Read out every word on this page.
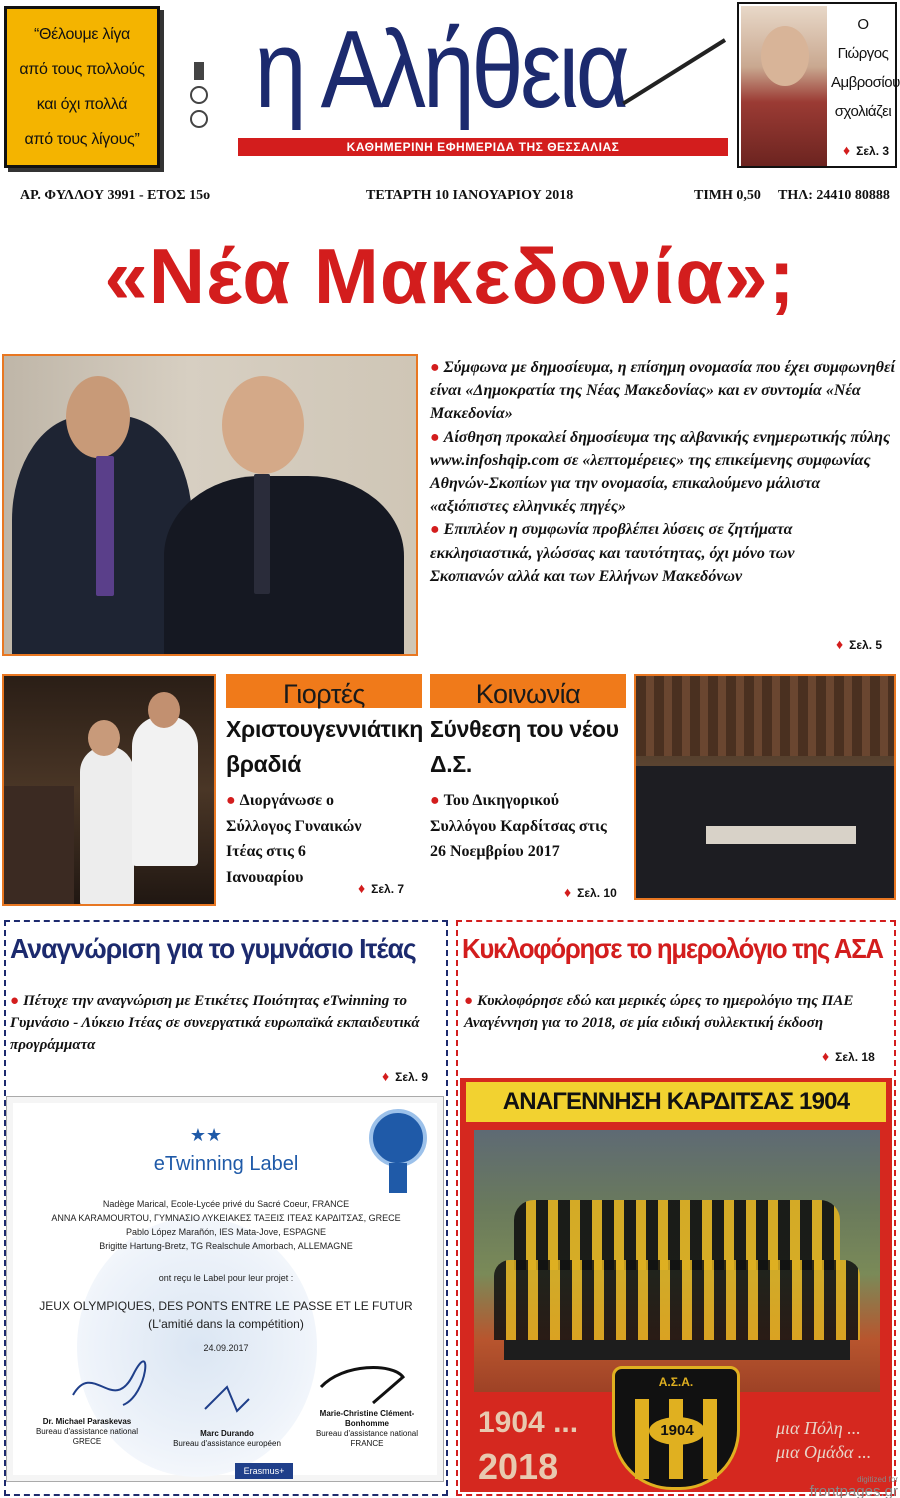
“Θέλουμε λίγα
από τους πολλούς
και όχι πολλά
από τους λίγους”
η Αλήθεια
ΚΑΘΗΜΕΡΙΝΗ ΕΦΗΜΕΡΙΔΑ ΤΗΣ ΘΕΣΣΑΛΙΑΣ
Ο Γιώργος
Αμβροσίου
σχολιάζει
♦ Σελ. 3
ΑΡ. ΦΥΛΛΟΥ 3991 - ΕΤΟΣ 15ο	ΤΕΤΑΡΤΗ 10 ΙΑΝΟΥΑΡΙΟΥ 2018	ΤΙΜΗ 0,50 ΤΗΛ: 24410 80888
«Νέα Μακεδονία»;

● Σύμφωνα με δημοσίευμα, η επίσημη ονομασία που έχει συμφωνηθεί είναι «Δημοκρατία της Νέας Μακεδονίας» και εν συντομία «Νέα Μακεδονία»

● Αίσθηση προκαλεί δημοσίευμα της αλβανικής ενημερωτικής πύλης www.infoshqip.com σε «λεπτομέρειες» της επικείμενης συμφωνίας Αθηνών-Σκοπίων για την ονομασία, επικαλούμενο μάλιστα «αξιόπιστες ελληνικές πηγές»

● Επιπλέον η συμφωνία προβλέπει λύσεις σε ζητήματα εκκλησιαστικά, γλώσσας και ταυτότητας, όχι μόνο των Σκοπιανών αλλά και των Ελλήνων Μακεδόνων

♦ Σελ. 5
Γιορτές
Χριστουγεννιάτικη βραδιά
● Διοργάνωσε ο Σύλλογος Γυναικών Ιτέας στις 6 Ιανουαρίου
♦ Σελ. 7
Κοινωνία
Σύνθεση του νέου Δ.Σ.
● Του Δικηγορικού Συλλόγου Καρδίτσας στις 26 Νοεμβρίου 2017
♦ Σελ. 10
Αναγνώριση για το γυμνάσιο Ιτέας
● Πέτυχε την αναγνώριση με Ετικέτες Ποιότητας eTwinning το Γυμνάσιο - Λύκειο Ιτέας σε συνεργατικά ευρωπαϊκά εκπαιδευτικά προγράμματα
♦ Σελ. 9
★★
eTwinning Label
Nadège Marical, Ecole-Lycée privé du Sacré Coeur, FRANCE
ANNA KARAMOURTOU, ΓΥΜΝΑΣΙΟ ΛΥΚΕΙΑΚΕΣ ΤΑΞΕΙΣ ΙΤΕΑΣ ΚΑΡΔΙΤΣΑΣ, GRECE
Pablo López Marañón, IES Mata-Jove, ESPAGNE
Brigitte Hartung-Bretz, TG Realschule Amorbach, ALLEMAGNE
ont reçu le Label pour leur projet :
JEUX OLYMPIQUES, DES PONTS ENTRE LE PASSE ET LE FUTUR
(L'amitié dans la compétition)
24.09.2017
Dr. Michael Paraskevas
Bureau d'assistance national
GRECE
Marc Durando
Bureau d'assistance européen
Marie-Christine Clément-Bonhomme
Bureau d'assistance national
FRANCE
Erasmus+
Κυκλοφόρησε το ημερολόγιο της ΑΣΑ
● Κυκλοφόρησε εδώ και μερικές ώρες το ημερολόγιο της ΠΑΕ Αναγέννηση για το 2018, σε μία ειδική συλλεκτική έκδοση
♦ Σελ. 18
ΑΝΑΓΕΝΝΗΣΗ ΚΑΡΔΙΤΣΑΣ 1904
1904 ...
2018
Α.Σ.Α.
1904	μια Πόλη ...
μια Ομάδα ...
digitized for
frontpages.gr
